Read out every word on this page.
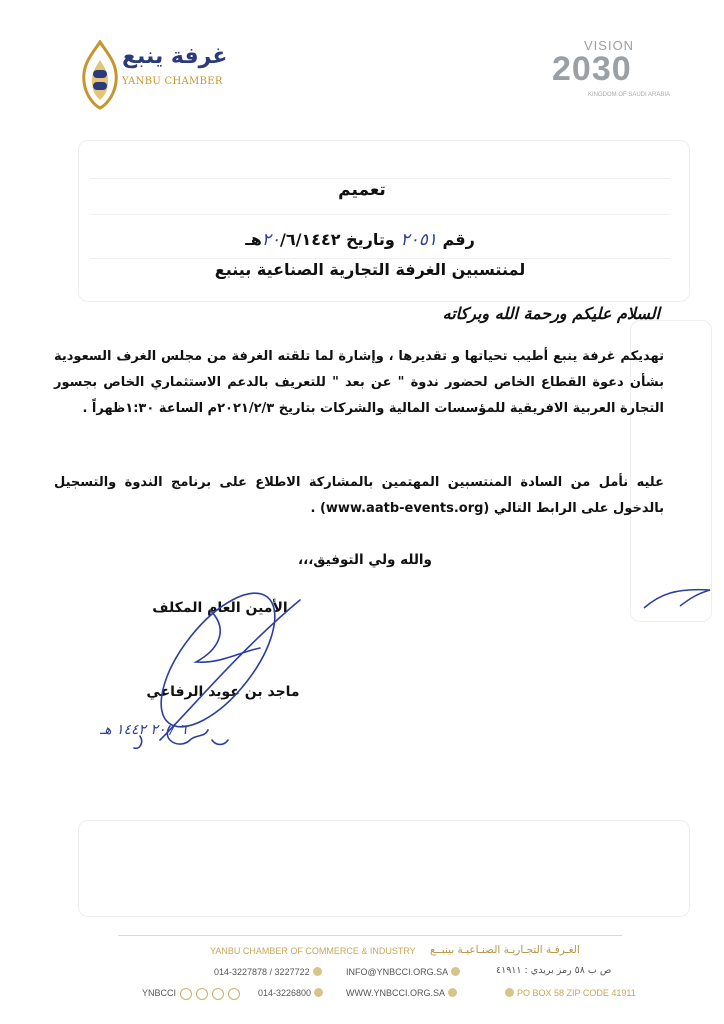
غرفة ينبع
YANBU CHAMBER
VISION
2030
KINGDOM OF SAUDI ARABIA
تعميم
رقم ٢٠٥١ وتاريخ ٢٠/٦/١٤٤٢هـ
لمنتسبين الغرفة التجارية الصناعية بينبع
السلام عليكم ورحمة الله وبركاته
تهديكم غرفة ينبع أطيب تحياتها و تقديرها ، وإشارة لما تلقته الغرفة من مجلس الغرف السعودية بشأن دعوة القطاع الخاص لحضور ندوة " عن بعد " للتعريف بالدعم الاستثماري الخاص بجسور التجارة العربية الافريقية للمؤسسات المالية والشركات بتاريخ ٢٠٢١/٢/٣م الساعة ١:٣٠ظهراً .
عليه نأمل من السادة المنتسبين المهتمين بالمشاركة الاطلاع على برنامج الندوة والتسجيل بالدخول على الرابط التالي (www.aatb-events.org) .
والله ولي التوفيق،،،
الأمين العام المكلف
ماجد بن عويد الرفاعي
٦ / ٢٠ ١٤٤٢ هـ
YANBU CHAMBER OF COMMERCE & INDUSTRY الغـرفـة التجـاريـة الصنـاعيـة بينبــع
014-3227878 / 3227722	INFO@YNBCCI.ORG.SA	ص ب ٥٨ رمز بريدي : ٤١٩١١
YNBCCI	014-3226800	WWW.YNBCCI.ORG.SA	PO BOX 58 ZIP CODE 41911
